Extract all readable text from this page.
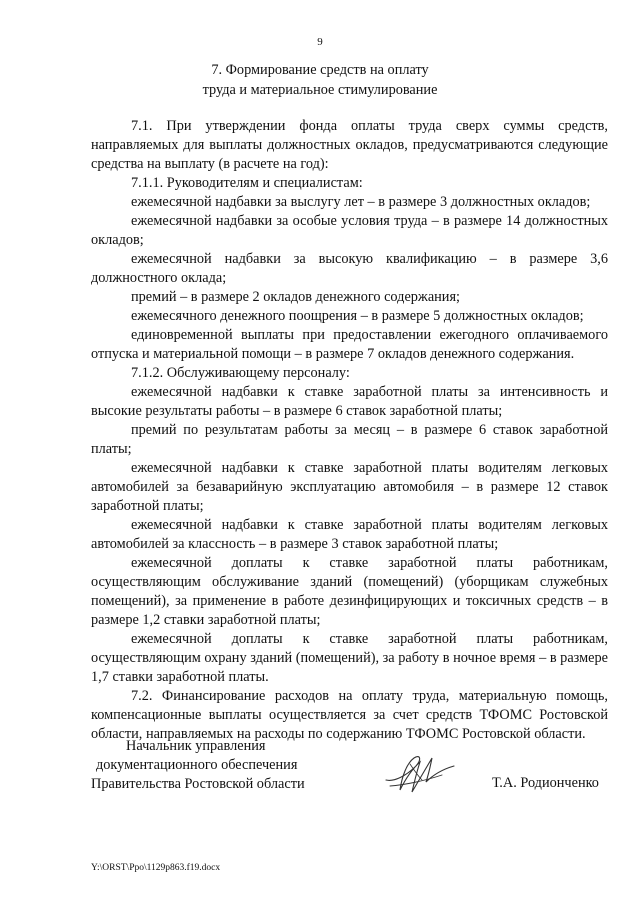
9
7. Формирование средств на оплату
труда и материальное стимулирование

7.1. При утверждении фонда оплаты труда сверх суммы средств, направляемых для выплаты должностных окладов, предусматриваются следующие средства на выплату (в расчете на год):

7.1.1. Руководителям и специалистам:

ежемесячной надбавки за выслугу лет – в размере 3 должностных окладов;

ежемесячной надбавки за особые условия труда – в размере 14 должностных окладов;

ежемесячной надбавки за высокую квалификацию – в размере 3,6 должностного оклада;

премий – в размере 2 окладов денежного содержания;

ежемесячного денежного поощрения – в размере 5 должностных окладов;

единовременной выплаты при предоставлении ежегодного оплачиваемого отпуска и материальной помощи – в размере 7 окладов денежного содержания.

7.1.2. Обслуживающему персоналу:

ежемесячной надбавки к ставке заработной платы за интенсивность и высокие результаты работы – в размере 6 ставок заработной платы;

премий по результатам работы за месяц – в размере 6 ставок заработной платы;

ежемесячной надбавки к ставке заработной платы водителям легковых автомобилей за безаварийную эксплуатацию автомобиля – в размере 12 ставок заработной платы;

ежемесячной надбавки к ставке заработной платы водителям легковых автомобилей за классность – в размере 3 ставок заработной платы;

ежемесячной доплаты к ставке заработной платы работникам, осуществляющим обслуживание зданий (помещений) (уборщикам служебных помещений), за применение в работе дезинфицирующих и токсичных средств – в размере 1,2 ставки заработной платы;

ежемесячной доплаты к ставке заработной платы работникам, осуществляющим охрану зданий (помещений), за работу в ночное время – в размере 1,7 ставки заработной платы.

7.2. Финансирование расходов на оплату труда, материальную помощь, компенсационные выплаты осуществляется за счет средств ТФОМС Ростовской области, направляемых на расходы по содержанию ТФОМС Ростовской области.

Начальник управления
документационного обеспечения
Правительства Ростовской области	Т.А. Родионченко
Y:\ORST\Ppo\1129p863.f19.docx
